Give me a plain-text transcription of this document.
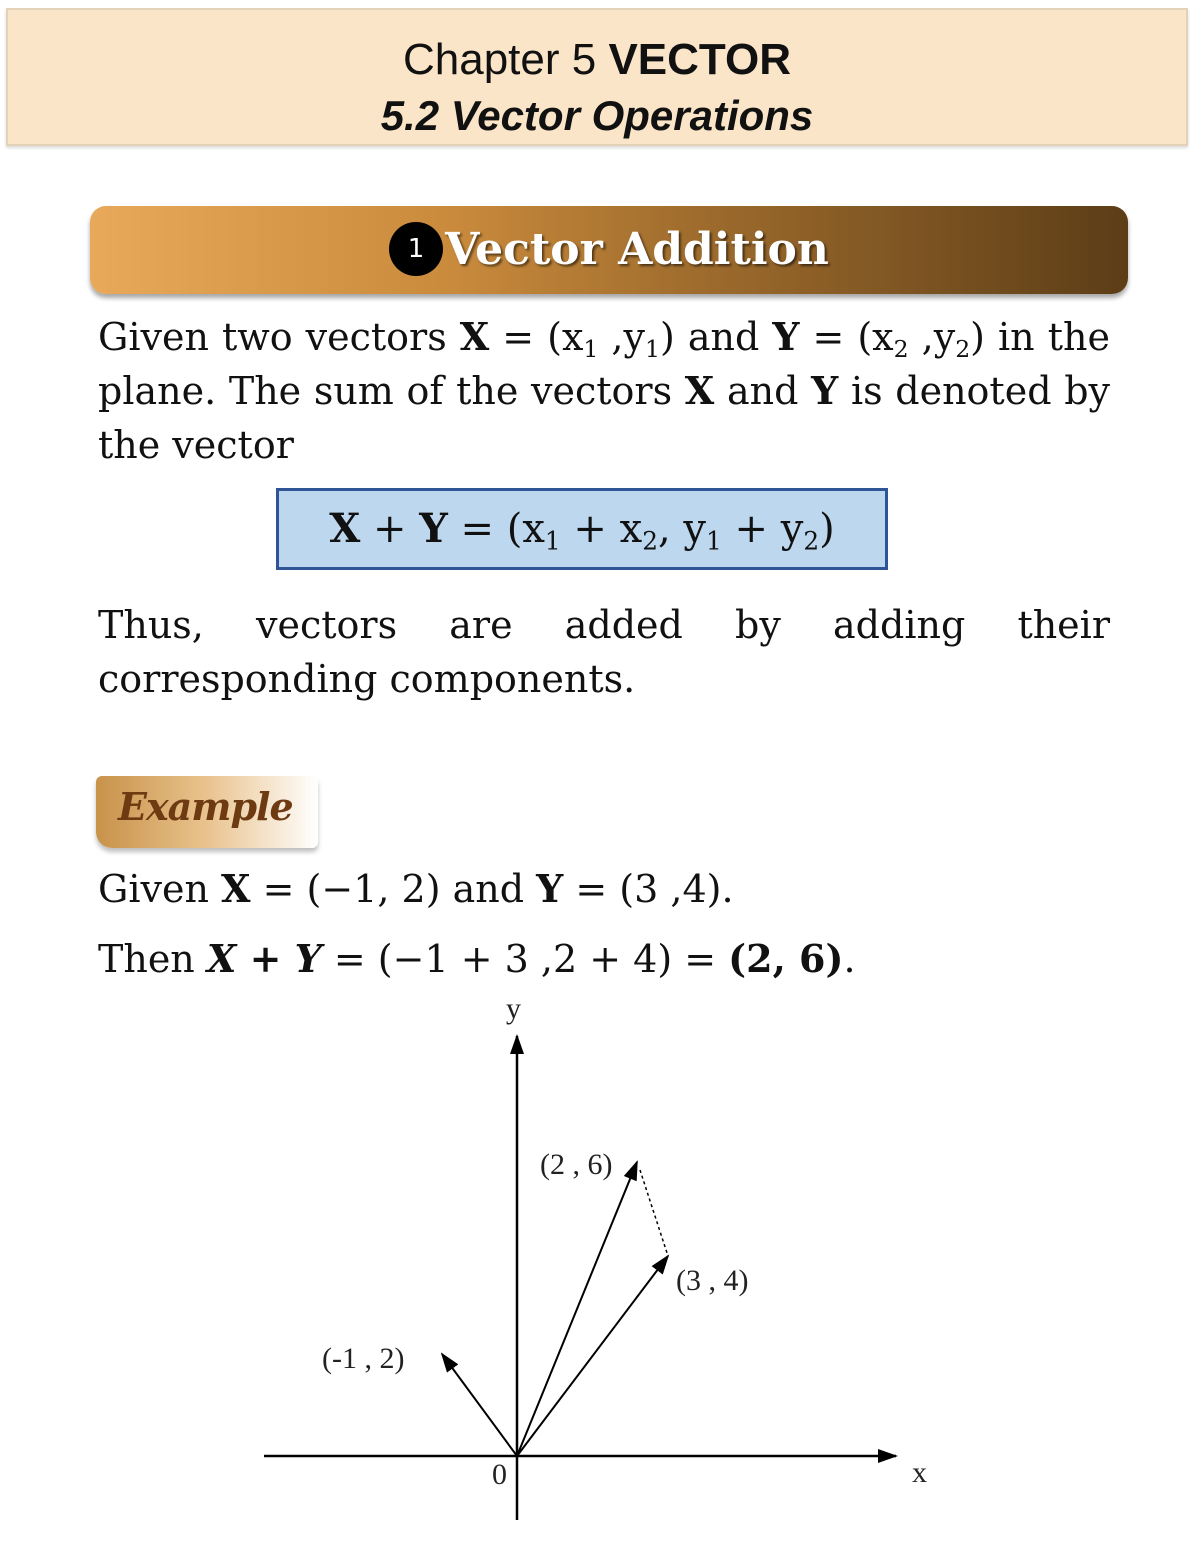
Chapter 5 VECTOR
5.2 Vector Operations
1 Vector Addition
Given two vectors $X = (x_1$ $,y_1$) and $Y = (x_2$ $,y_2$) in the plane. The sum of the vectors X and Y is denoted by the vector
$X + Y = (x_1 + x_2$, $y_1 + y_2$)
Thus, vectors are added by adding their corresponding components.
Example
Given X = (−1, 2) and Y = (3 ,4).
Then X + Y = (−1 + 3 ,2 + 4) = (2, 6).
y
x
0
(2 , 6)
(3 , 4)
(-1 , 2)
